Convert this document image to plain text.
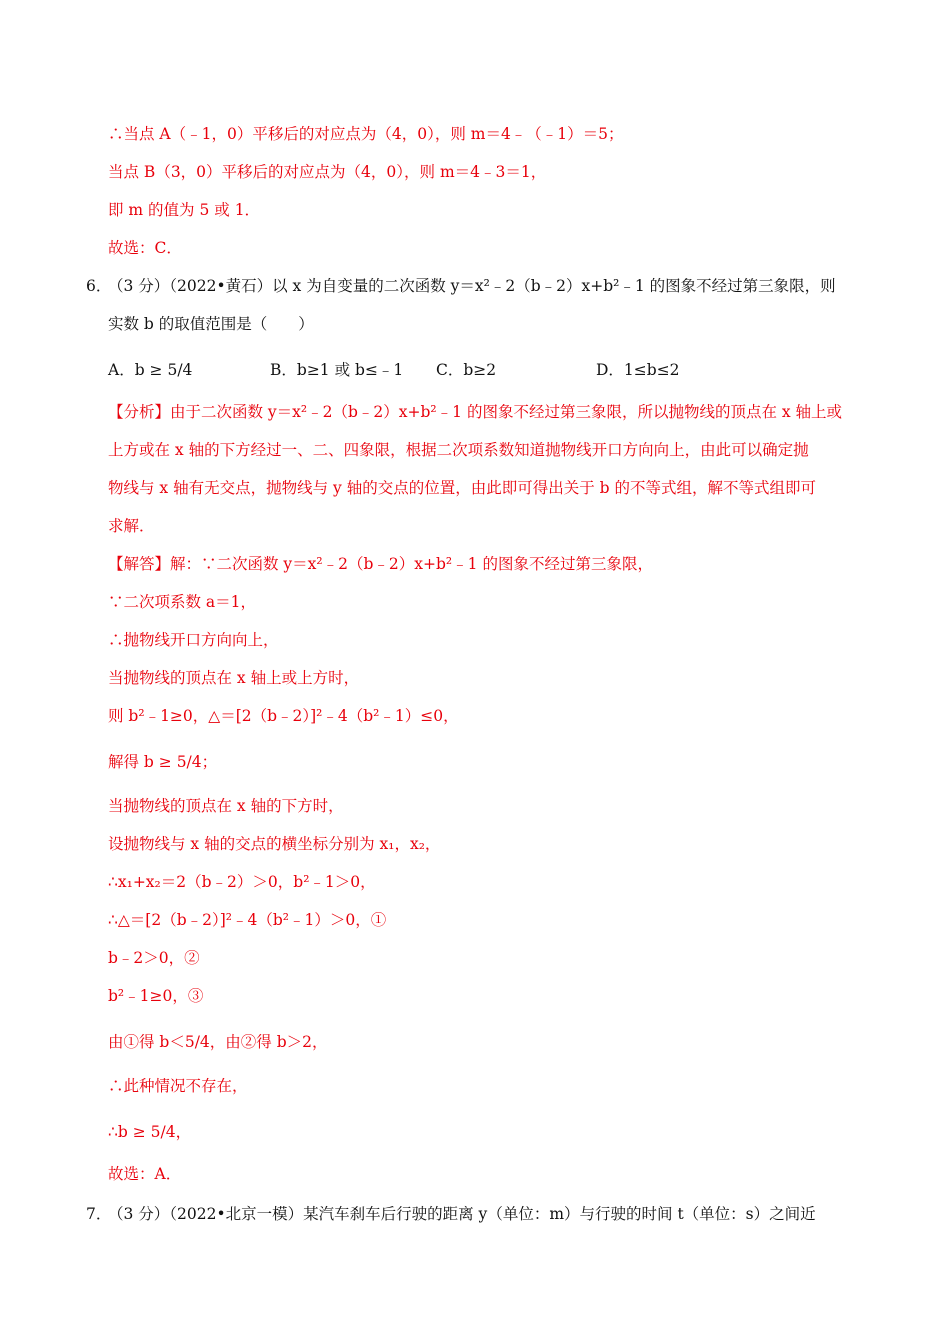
∴当点 A（﹣1，0）平移后的对应点为（4，0），则 m＝4﹣（﹣1）＝5；
当点 B（3，0）平移后的对应点为（4，0），则 m＝4﹣3＝1，
即 m 的值为 5 或 1．
故选：C．
6．
（3 分）（2022•黄石）以 x 为自变量的二次函数 y＝x²﹣2（b﹣2）x+b²﹣1 的图象不经过第三象限，则
实数 b 的取值范围是（　　）
A．b ≥ 5/4	B．b≥1 或 b≤﹣1 C．b≥2	D．1≤b≤2
【分析】由于二次函数 y＝x²﹣2（b﹣2）x+b²﹣1 的图象不经过第三象限，所以抛物线的顶点在 x 轴上或
上方或在 x 轴的下方经过一、二、四象限，根据二次项系数知道抛物线开口方向向上，由此可以确定抛
物线与 x 轴有无交点，抛物线与 y 轴的交点的位置，由此即可得出关于 b 的不等式组，解不等式组即可
求解．
【解答】解：∵二次函数 y＝x²﹣2（b﹣2）x+b²﹣1 的图象不经过第三象限，
∵二次项系数 a＝1，
∴抛物线开口方向向上，
当抛物线的顶点在 x 轴上或上方时，
则 b²﹣1≥0，△＝[2（b﹣2）]²﹣4（b²﹣1）≤0，
解得 b ≥ 5/4；
当抛物线的顶点在 x 轴的下方时，
设抛物线与 x 轴的交点的横坐标分别为 x₁，x₂，
∴x₁+x₂＝2（b﹣2）＞0，b²﹣1＞0，
∴△＝[2（b﹣2）]²﹣4（b²﹣1）＞0，①
b﹣2＞0，②
b²﹣1≥0，③
由①得 b＜5/4，由②得 b＞2，
∴此种情况不存在，
∴b ≥ 5/4，
故选：A．
7．
（3 分）（2022•北京一模）某汽车刹车后行驶的距离 y（单位：m）与行驶的时间 t（单位：s）之间近
